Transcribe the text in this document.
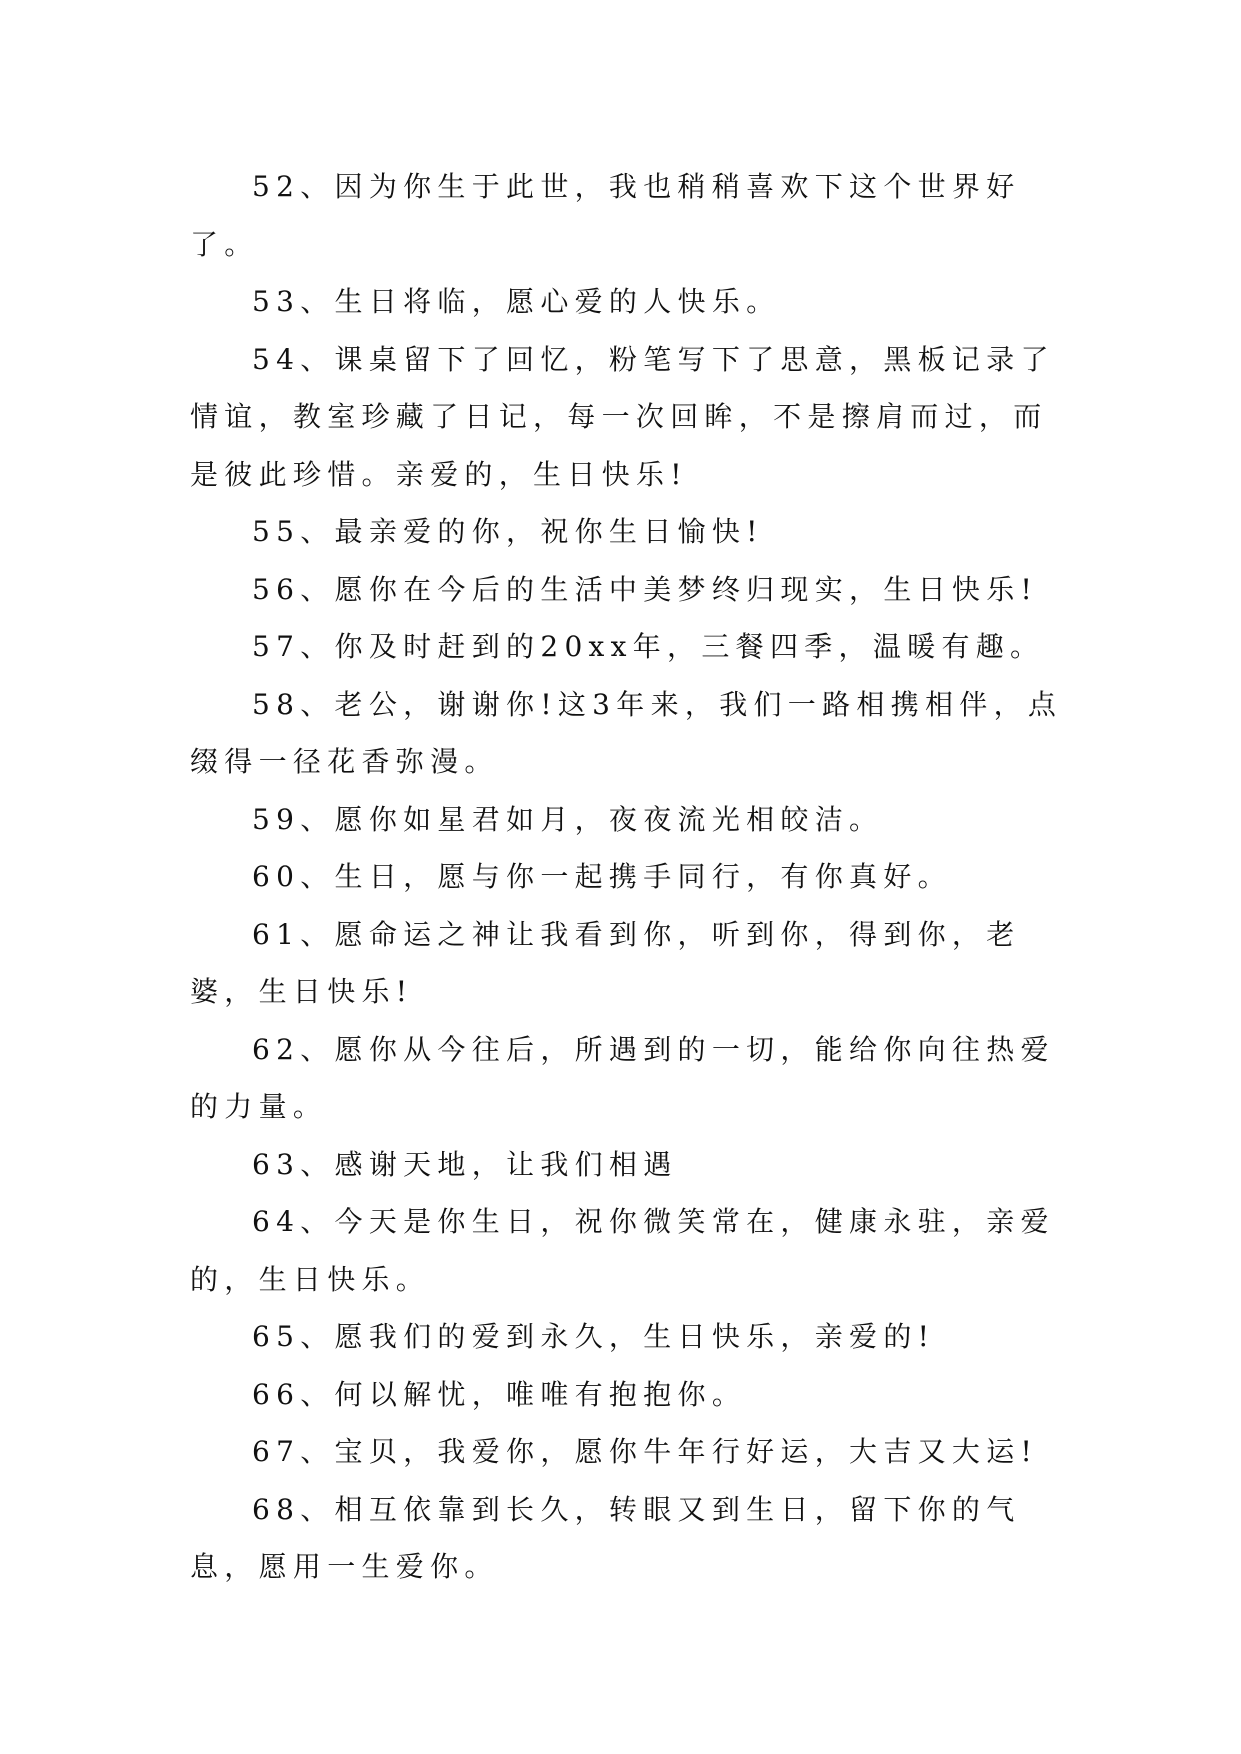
52、因为你生于此世，我也稍稍喜欢下这个世界好了。

53、生日将临，愿心爱的人快乐。

54、课桌留下了回忆，粉笔写下了思意，黑板记录了情谊，教室珍藏了日记，每一次回眸，不是擦肩而过，而是彼此珍惜。亲爱的，生日快乐!

55、最亲爱的你，祝你生日愉快!

56、愿你在今后的生活中美梦终归现实，生日快乐!

57、你及时赶到的20xx年，三餐四季，温暖有趣。

58、老公，谢谢你!这3年来，我们一路相携相伴，点缀得一径花香弥漫。

59、愿你如星君如月，夜夜流光相皎洁。

60、生日，愿与你一起携手同行，有你真好。

61、愿命运之神让我看到你，听到你，得到你，老婆，生日快乐!

62、愿你从今往后，所遇到的一切，能给你向往热爱的力量。

63、感谢天地，让我们相遇

64、今天是你生日，祝你微笑常在，健康永驻，亲爱的，生日快乐。

65、愿我们的爱到永久，生日快乐，亲爱的!

66、何以解忧，唯唯有抱抱你。

67、宝贝，我爱你，愿你牛年行好运，大吉又大运!

68、相互依靠到长久，转眼又到生日，留下你的气息，愿用一生爱你。
